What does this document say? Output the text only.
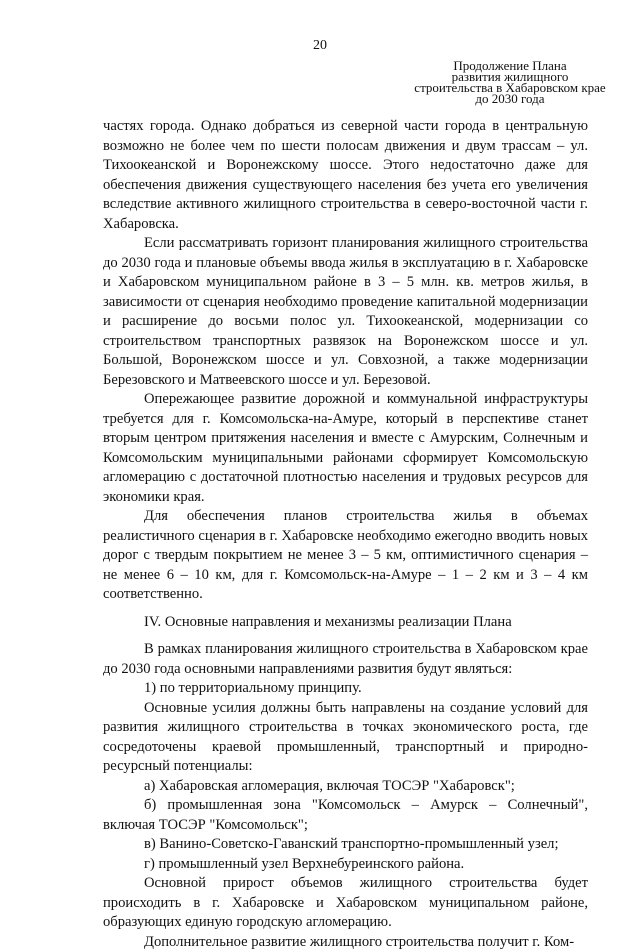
20
Продолжение Плана
развития жилищного
строительства в Хабаровском крае
до 2030 года

частях города. Однако добраться из северной части города в центральную возможно не более чем по шести полосам движения и двум трассам – ул. Тихоокеанской и Воронежскому шоссе. Этого недостаточно даже для обеспечения движения существующего населения без учета его увеличения вследствие активного жилищного строительства в северо-восточной части г. Хабаровска.

Если рассматривать горизонт планирования жилищного строительства до 2030 года и плановые объемы ввода жилья в эксплуатацию в г. Хабаровске и Хабаровском муниципальном районе в 3 – 5 млн. кв. метров жилья, в зависимости от сценария необходимо проведение капитальной модернизации и расширение до восьми полос ул. Тихоокеанской, модернизации со строительством транспортных развязок на Воронежском шоссе и ул. Большой, Воронежском шоссе и ул. Совхозной, а также модернизации Березовского и Матвеевского шоссе и ул. Березовой.

Опережающее развитие дорожной и коммунальной инфраструктуры требуется для г. Комсомольска-на-Амуре, который в перспективе станет вторым центром притяжения населения и вместе с Амурским, Солнечным и Комсомольским муниципальными районами сформирует Комсомольскую агломерацию с достаточной плотностью населения и трудовых ресурсов для экономики края.

Для обеспечения планов строительства жилья в объемах реалистичного сценария в г. Хабаровске необходимо ежегодно вводить новых дорог с твердым покрытием не менее 3 – 5 км, оптимистичного сценария – не менее 6 – 10 км, для г. Комсомольск-на-Амуре – 1 – 2 км и 3 – 4 км соответственно.

IV. Основные направления и механизмы реализации Плана

В рамках планирования жилищного строительства в Хабаровском крае до 2030 года основными направлениями развития будут являться:

1) по территориальному принципу.

Основные усилия должны быть направлены на создание условий для развития жилищного строительства в точках экономического роста, где сосредоточены краевой промышленный, транспортный и природно-ресурсный потенциалы:

а) Хабаровская агломерация, включая ТОСЭР "Хабаровск";

б) промышленная зона "Комсомольск – Амурск – Солнечный", включая ТОСЭР "Комсомольск";

в) Ванино-Советско-Гаванский транспортно-промышленный узел;

г) промышленный узел Верхнебуреинского района.

Основной прирост объемов жилищного строительства будет происходить в г. Хабаровске и Хабаровском муниципальном районе, образующих единую городскую агломерацию.

Дополнительное развитие жилищного строительства получит г. Ком-
